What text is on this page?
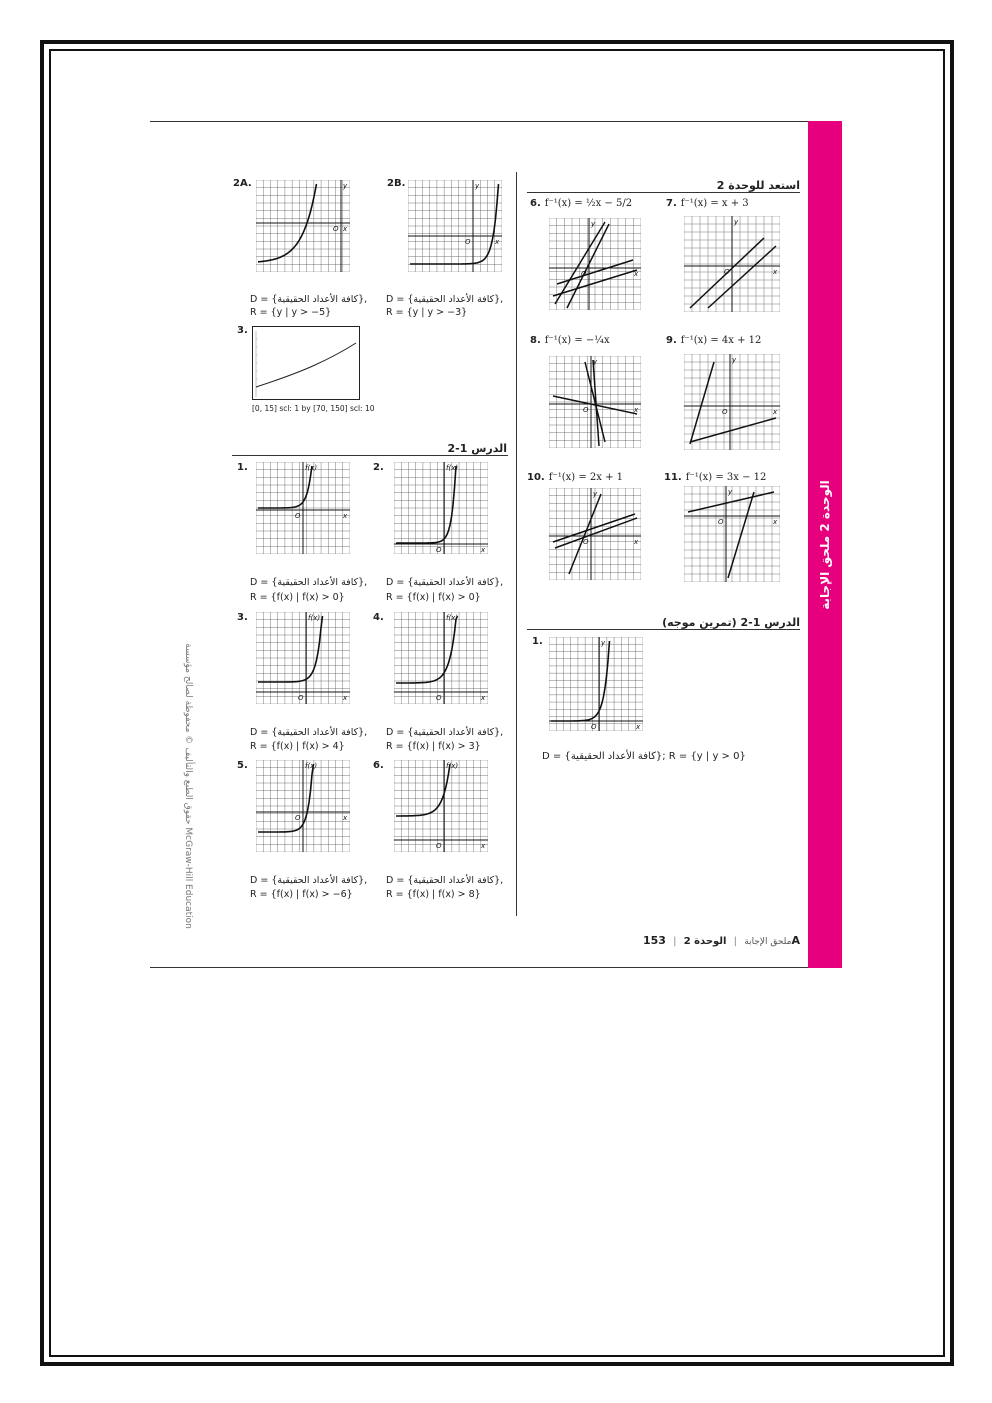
الوحدة 2 ملحق الإجابة
حقوق الطبع والتأليف © محفوظة لصالح مؤسسة McGraw-Hill Education
2A.	y
O x
D = {كافة الأعداد الحقيقية},
R = {y | y > −5}
2B.	y
O	x
D = {كافة الأعداد الحقيقية},
R = {y | y > −3}
3.
[0, 15] scl: 1 by [70, 150] scl: 10
الدرس 1-2
1.	f(x)
O	x
D = {كافة الأعداد الحقيقية},
R = {f(x) | f(x) > 0}
2.	f(x)
O	x
D = {كافة الأعداد الحقيقية},
R = {f(x) | f(x) > 0}
3.	f(x)
O	x
D = {كافة الأعداد الحقيقية},
R = {f(x) | f(x) > 4}
4.	f(x)
O	x
D = {كافة الأعداد الحقيقية},
R = {f(x) | f(x) > 3}
5.	f(x)
O	x
D = {كافة الأعداد الحقيقية},
R = {f(x) | f(x) > −6}
6.	f(x)
O	x
D = {كافة الأعداد الحقيقية},
R = {f(x) | f(x) > 8}
استعد للوحدة 2
6. f⁻¹(x) = ½x − 5/2
y
O	x
7. f⁻¹(x) = x + 3
y
O	x
8. f⁻¹(x) = −¼x
y
O	x
9. f⁻¹(x) = 4x + 12
y
O	x
10. f⁻¹(x) = 2x + 1
y
O	x
11. f⁻¹(x) = 3x − 12
y
O	x
الدرس 1-2 (تمرين موجه)
1.	y
O	x
D = {كافة الأعداد الحقيقية}; R = {y | y > 0}
ملحق الإجابة | الوحدة 2 | 153A
